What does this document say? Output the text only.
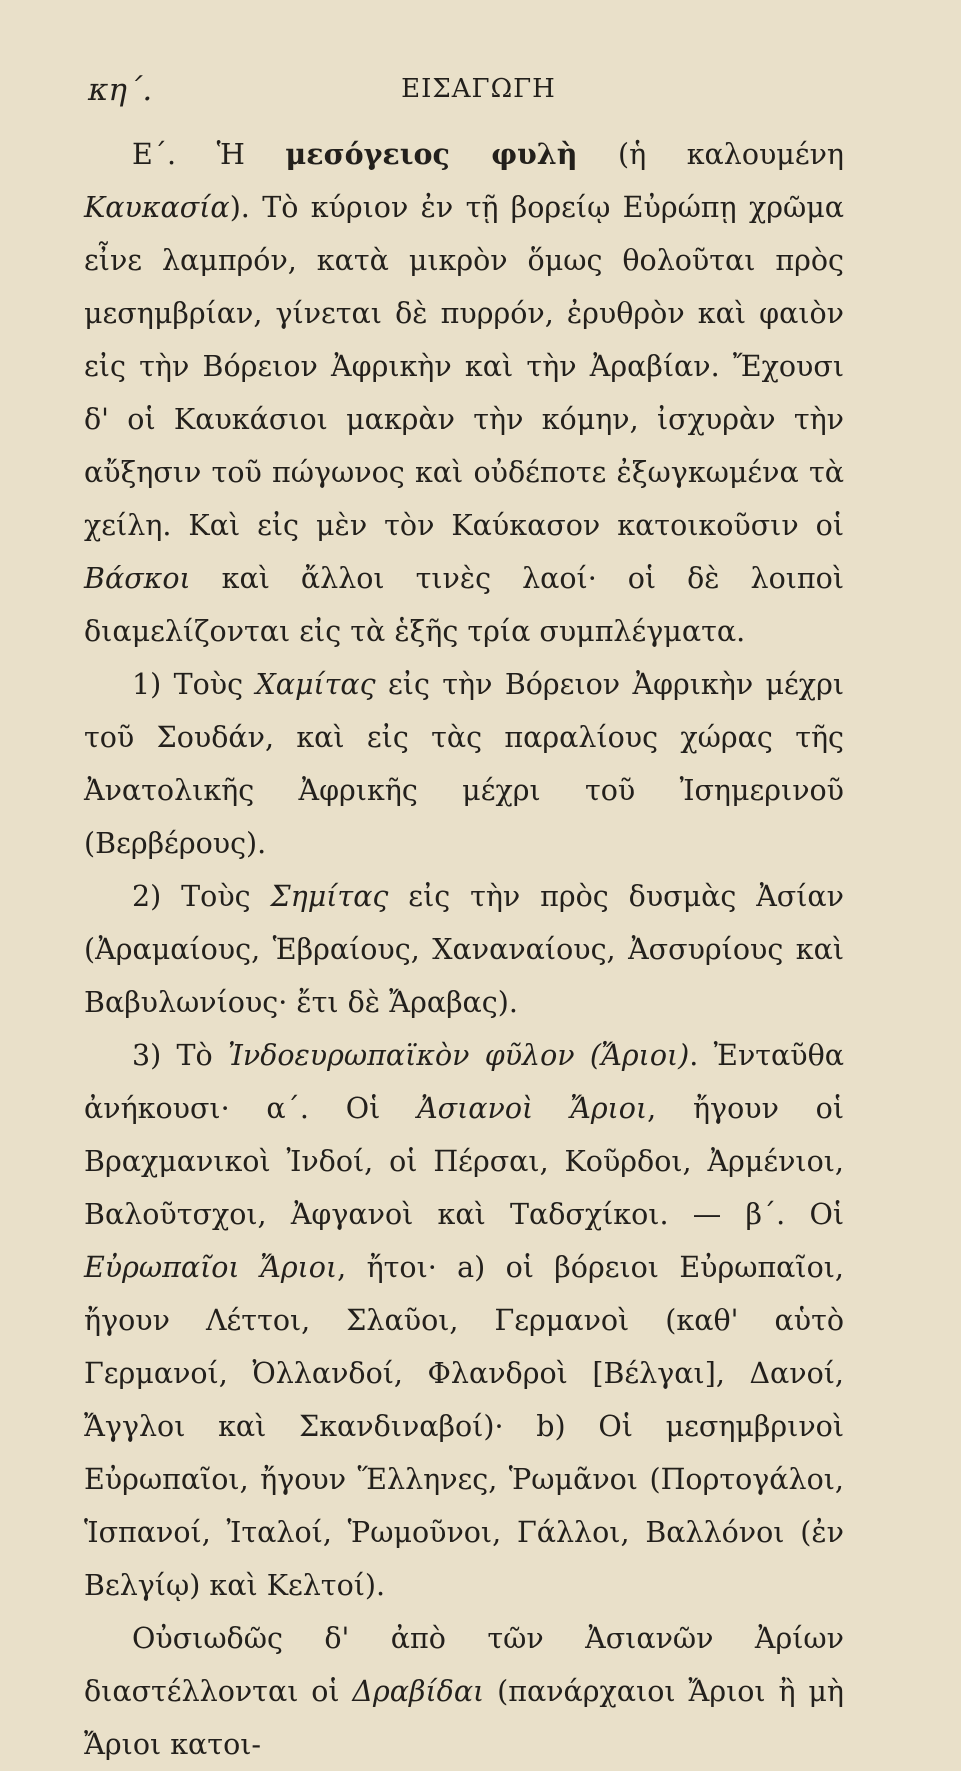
κη΄.	ΕΙΣΑΓΩΓΗ

Ε΄. Ἡ μεσόγειος φυλὴ (ἡ καλουμένη Καυκασία). Τὸ κύριον ἐν τῇ βορείῳ Εὐρώπῃ χρῶμα εἶνε λαμπρόν, κατὰ μικρὸν ὅμως θολοῦται πρὸς μεσημβρίαν, γίνεται δὲ πυρρόν, ἐρυθρὸν καὶ φαιὸν εἰς τὴν Βόρειον Ἀφρικὴν καὶ τὴν Ἀραβίαν. Ἔχουσι δ' οἱ Καυκάσιοι μακρὰν τὴν κόμην, ἰσχυρὰν τὴν αὔξησιν τοῦ πώγωνος καὶ οὐδέποτε ἐξωγκωμένα τὰ χείλη. Καὶ εἰς μὲν τὸν Καύκασον κατοικοῦσιν οἱ Βάσκοι καὶ ἄλλοι τινὲς λαοί· οἱ δὲ λοιποὶ διαμελίζονται εἰς τὰ ἑξῆς τρία συμπλέγματα.

1) Τοὺς Χαμίτας εἰς τὴν Βόρειον Ἀφρικὴν μέχρι τοῦ Σουδάν, καὶ εἰς τὰς παραλίους χώρας τῆς Ἀνατολικῆς Ἀφρικῆς μέχρι τοῦ Ἰσημερινοῦ (Βερβέρους).

2) Τοὺς Σημίτας εἰς τὴν πρὸς δυσμὰς Ἀσίαν (Ἀραμαίους, Ἑβραίους, Χαναναίους, Ἀσσυρίους καὶ Βαβυλωνίους· ἔτι δὲ Ἄραβας).

3) Τὸ Ἰνδοευρωπαϊκὸν φῦλον (Ἄριοι). Ἐνταῦθα ἀνήκουσι· α΄. Οἱ Ἀσιανοὶ Ἄριοι, ἤγουν οἱ Βραχμανικοὶ Ἰνδοί, οἱ Πέρσαι, Κοῦρδοι, Ἀρμένιοι, Βαλοῦτσχοι, Ἀφγανοὶ καὶ Ταδσχίκοι. — β΄. Οἱ Εὐρωπαῖοι Ἄριοι, ἤτοι· a) οἱ βόρειοι Εὐρωπαῖοι, ἤγουν Λέττοι, Σλαῦοι, Γερμανοὶ (καθ' αὑτὸ Γερμανοί, Ὀλλανδοί, Φλανδροὶ [Βέλγαι], Δανοί, Ἄγγλοι καὶ Σκανδιναβοί)· b) Οἱ μεσημβρινοὶ Εὐρωπαῖοι, ἤγουν Ἕλληνες, Ῥωμᾶνοι (Πορτογάλοι, Ἱσπανοί, Ἰταλοί, Ῥωμοῦνοι, Γάλλοι, Βαλλόνοι (ἐν Βελγίῳ) καὶ Κελτοί).

Οὐσιωδῶς δ' ἀπὸ τῶν Ἀσιανῶν Ἀρίων διαστέλλονται οἱ Δραβίδαι (πανάρχαιοι Ἄριοι ἢ μὴ Ἄριοι κατοι-
